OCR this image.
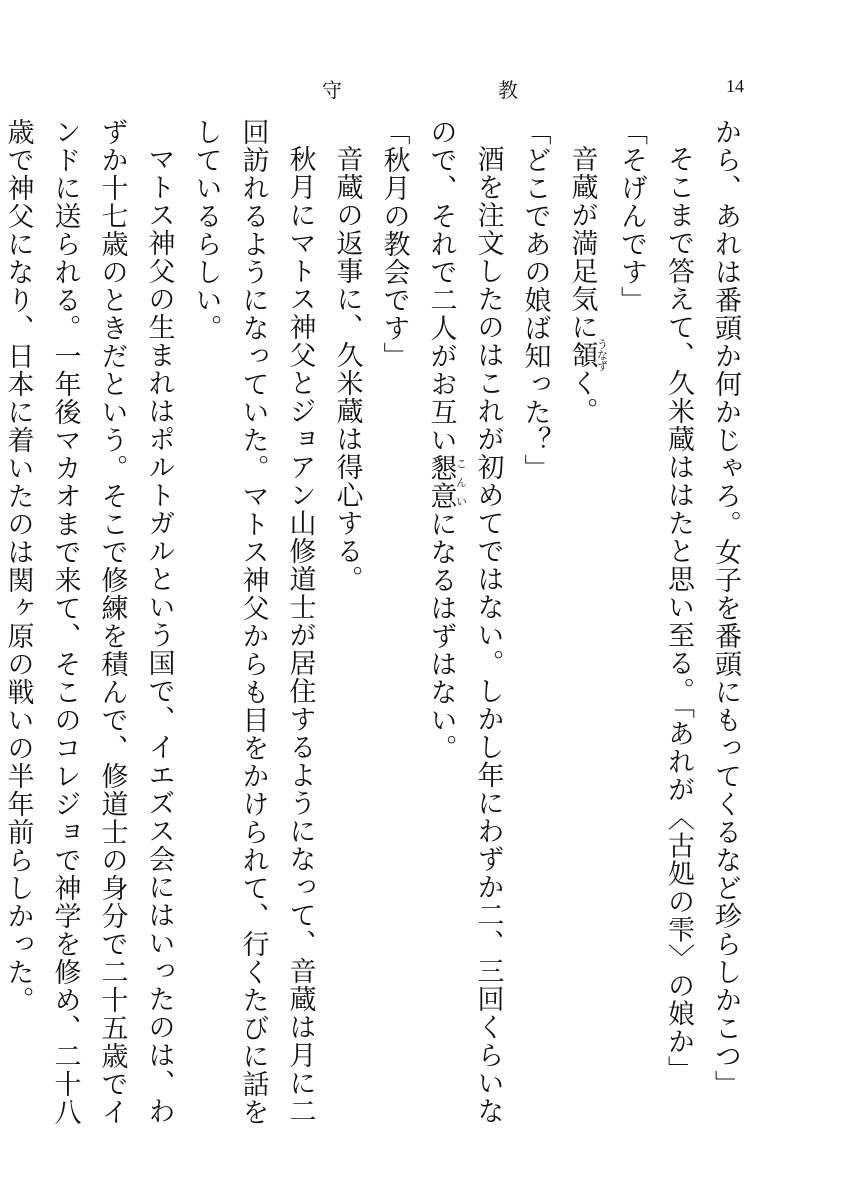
守	教	14

から、あれは番頭か何かじゃろ。女子を番頭にもってくるなど珍らしかこつ」

そこまで答えて、久米蔵ははたと思い至る。「あれが〈古処の雫〉の娘か」

「そげんです」

音蔵が満足気に頷うなずく。

「どこであの娘ば知った？」

酒を注文したのはこれが初めてではない。しかし年にわずか二、三回くらいなので、それで二人がお互い懇意こんいになるはずはない。

「秋月の教会です」

音蔵の返事に、久米蔵は得心する。

秋月にマトス神父とジョアン山修道士が居住するようになって、音蔵は月に二回訪れるようになっていた。マトス神父からも目をかけられて、行くたびに話をしているらしい。

マトス神父の生まれはポルトガルという国で、イエズス会にはいったのは、わずか十七歳のときだという。そこで修練を積んで、修道士の身分で二十五歳でインドに送られる。一年後マカオまで来て、そこのコレジョで神学を修め、二十八歳で神父になり、日本に着いたのは関ヶ原の戦いの半年前らしかった。
